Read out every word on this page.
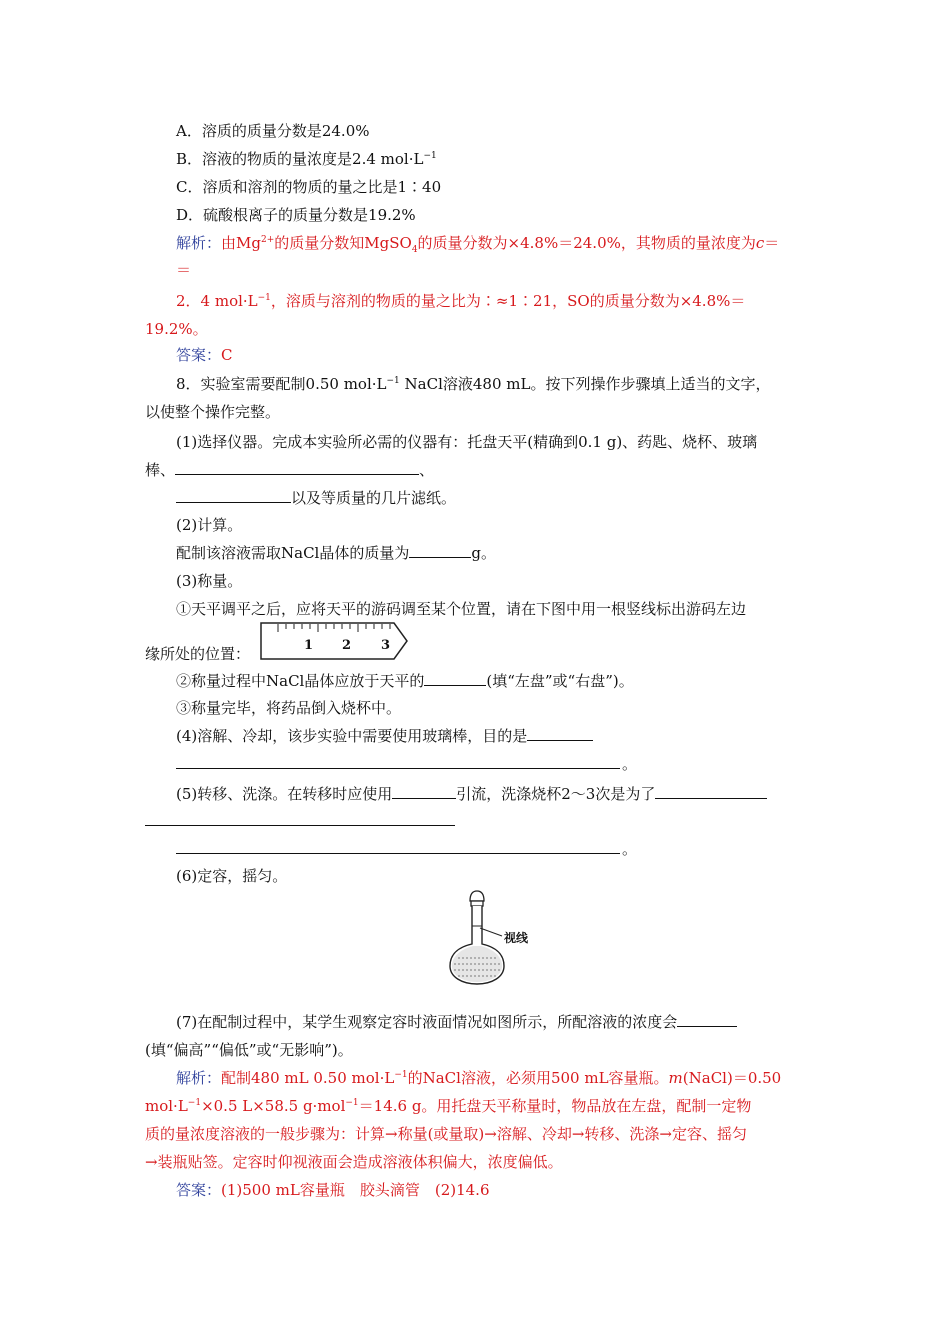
A．溶质的质量分数是24.0%
B．溶液的物质的量浓度是2.4 $mol\cdot L^{-1}$
C．溶质和溶剂的物质的量之比是1∶40
D．硫酸根离子的质量分数是19.2%
解析：由$Mg^{2+}$的质量分数知MgSO$_4$的质量分数为×4.8%＝24.0%，其物质的量浓度为c＝
＝
2．4 $mol\cdot L^{-1}$，溶质与溶剂的物质的量之比为∶≈1∶21，SO的质量分数为×4.8%＝
19.2%。
答案：C
8．实验室需要配制0.50 $mol\cdot L^{-1}$ NaCl溶液480 mL。按下列操作步骤填上适当的文字，
以使整个操作完整。
(1)选择仪器。完成本实验所必需的仪器有：托盘天平(精确到0.1 g)、药匙、烧杯、玻璃
棒、	、
以及等质量的几片滤纸。
(2)计算。
配制该溶液需取NaCl晶体的质量为	g。
(3)称量。
①天平调平之后，应将天平的游码调至某个位置，请在下图中用一根竖线标出游码左边
缘所处的位置：	1 2 3
②称量过程中NaCl晶体应放于天平的	(填“左盘”或“右盘”)。
③称量完毕，将药品倒入烧杯中。
(4)溶解、冷却，该步实验中需要使用玻璃棒，目的是
。
(5)转移、洗涤。在转移时应使用	引流，洗涤烧杯2～3次是为了
。
(6)定容，摇匀。
视线
(7)在配制过程中，某学生观察定容时液面情况如图所示，所配溶液的浓度会
(填“偏高”“偏低”或“无影响”)。
解析：配制480 mL 0.50 $mol\cdot L^{-1}$的NaCl溶液，必须用500 mL容量瓶。m(NaCl)＝0.50
$mol\cdot L^{-1}\times 0.5$ L×58.5 g·mol$^{-1}$＝14.6 g。用托盘天平称量时，物品放在左盘，配制一定物
质的量浓度溶液的一般步骤为：计算→称量(或量取)→溶解、冷却→转移、洗涤→定容、摇匀
→装瓶贴签。定容时仰视液面会造成溶液体积偏大，浓度偏低。
答案：(1)500 mL容量瓶　胶头滴管　(2)14.6
